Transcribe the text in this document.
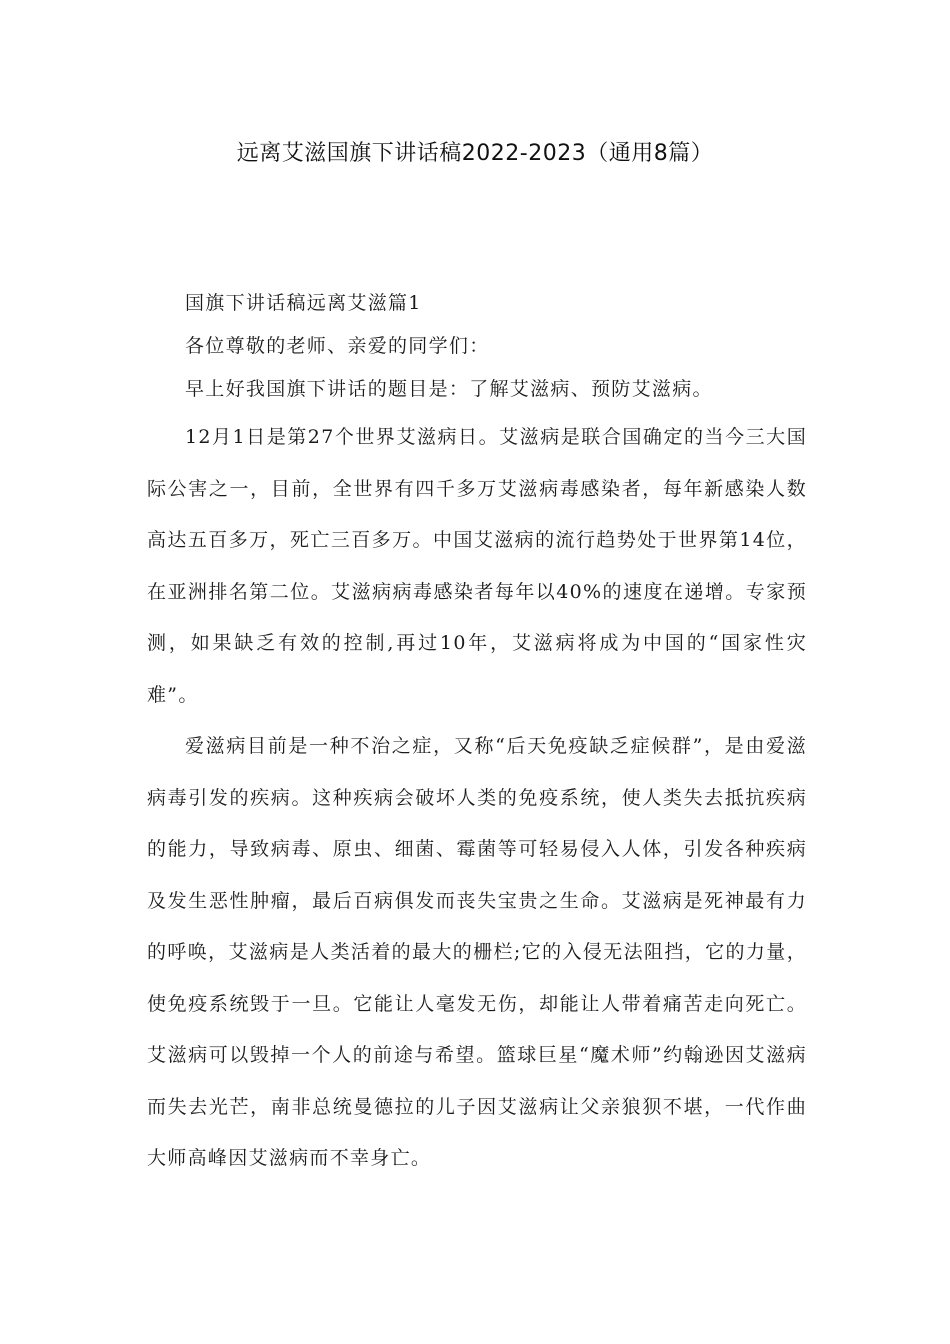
远离艾滋国旗下讲话稿2022-2023（通用8篇）

国旗下讲话稿远离艾滋篇1

各位尊敬的老师、亲爱的同学们：

早上好我国旗下讲话的题目是：了解艾滋病、预防艾滋病。

12月1日是第27个世界艾滋病日。艾滋病是联合国确定的当今三大国际公害之一，目前，全世界有四千多万艾滋病毒感染者，每年新感染人数高达五百多万，死亡三百多万。中国艾滋病的流行趋势处于世界第14位，在亚洲排名第二位。艾滋病病毒感染者每年以40%的速度在递增。专家预测，如果缺乏有效的控制,再过10年，艾滋病将成为中国的“国家性灾难”。

爱滋病目前是一种不治之症，又称“后天免疫缺乏症候群”，是由爱滋病毒引发的疾病。这种疾病会破坏人类的免疫系统，使人类失去抵抗疾病的能力，导致病毒、原虫、细菌、霉菌等可轻易侵入人体，引发各种疾病及发生恶性肿瘤，最后百病俱发而丧失宝贵之生命。艾滋病是死神最有力的呼唤，艾滋病是人类活着的最大的栅栏;它的入侵无法阻挡，它的力量，使免疫系统毁于一旦。它能让人毫发无伤，却能让人带着痛苦走向死亡。艾滋病可以毁掉一个人的前途与希望。篮球巨星“魔术师”约翰逊因艾滋病而失去光芒，南非总统曼德拉的儿子因艾滋病让父亲狼狈不堪，一代作曲大师高峰因艾滋病而不幸身亡。
